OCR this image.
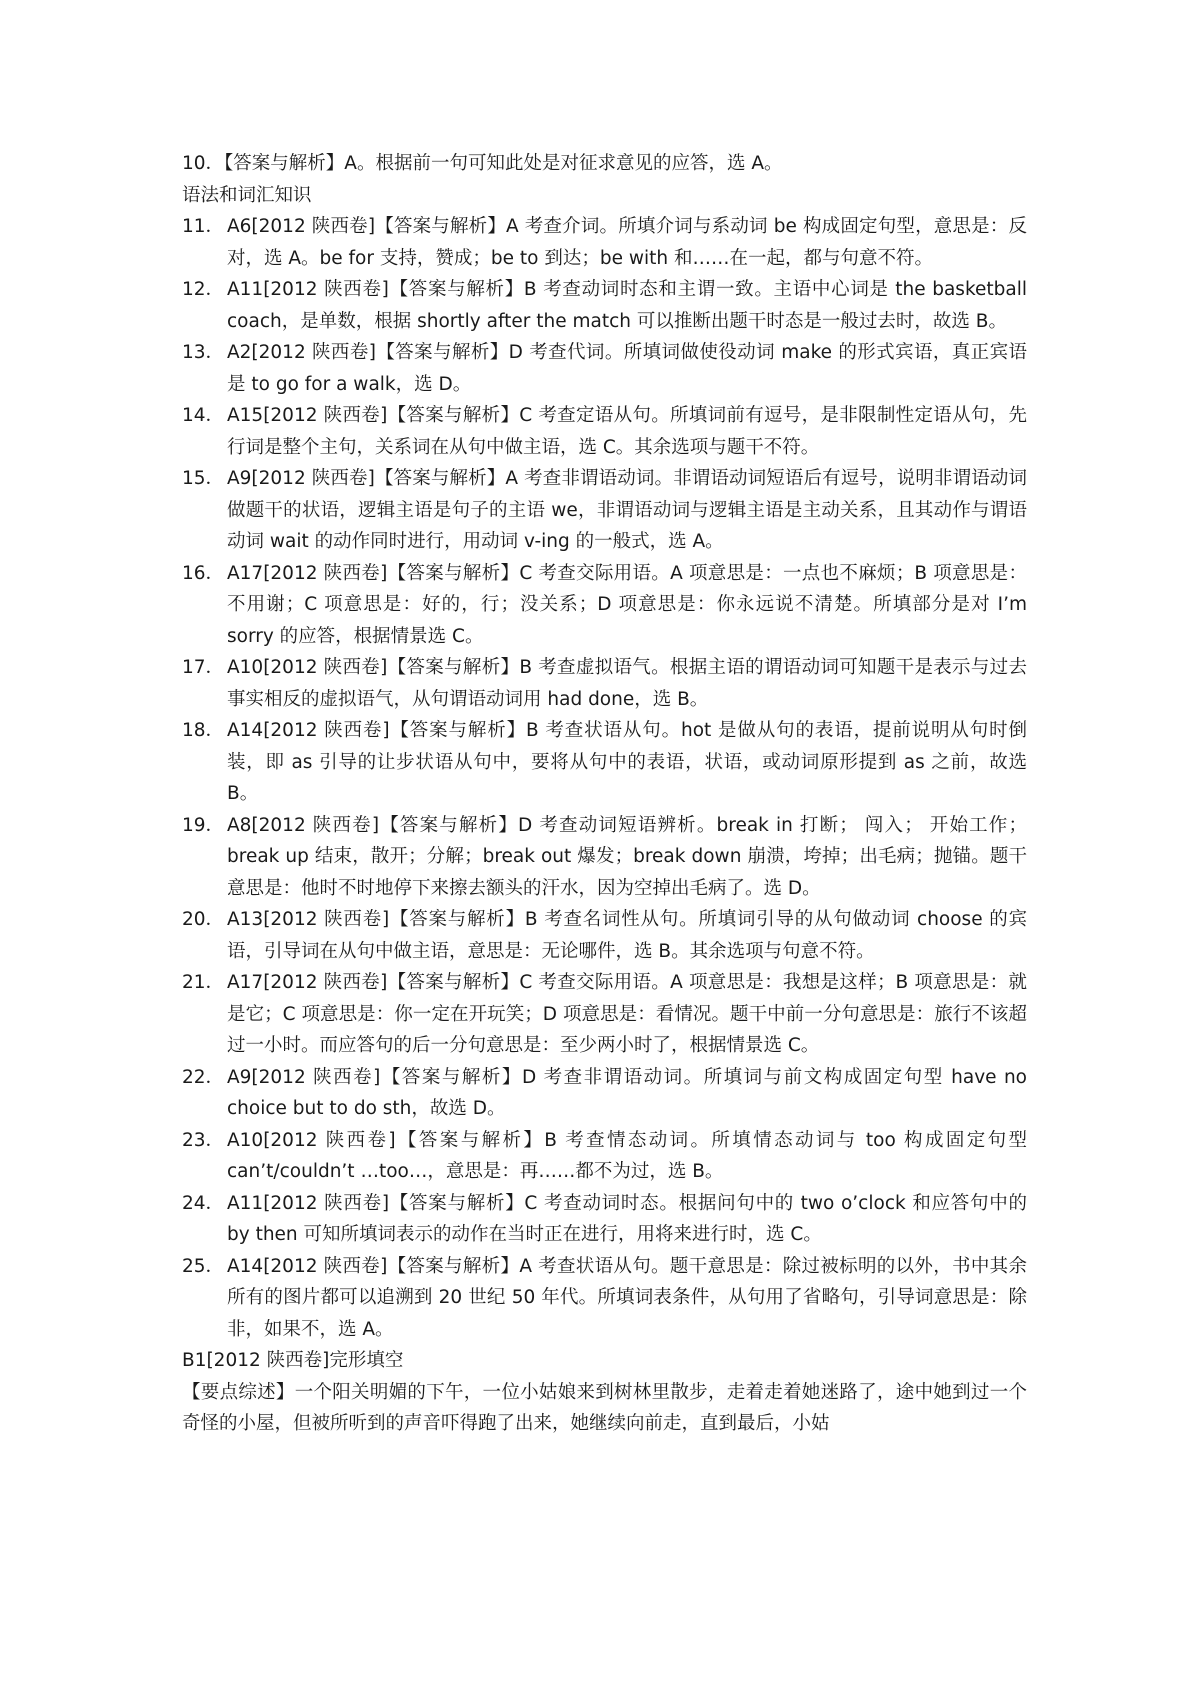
10．【答案与解析】A。根据前一句可知此处是对征求意见的应答，选 A。
语法和词汇知识
11． A6[2012 陕西卷]【答案与解析】A 考查介词。所填介词与系动词 be 构成固定句型，意思是：反对，选 A。be for 支持，赞成；be to 到达；be with 和……在一起，都与句意不符。
12． A11[2012 陕西卷]【答案与解析】B 考查动词时态和主谓一致。主语中心词是 the basketball coach，是单数，根据 shortly after the match 可以推断出题干时态是一般过去时，故选 B。
13． A2[2012 陕西卷]【答案与解析】D 考查代词。所填词做使役动词 make 的形式宾语，真正宾语是 to go for a walk，选 D。
14． A15[2012 陕西卷]【答案与解析】C 考查定语从句。所填词前有逗号，是非限制性定语从句，先行词是整个主句，关系词在从句中做主语，选 C。其余选项与题干不符。
15． A9[2012 陕西卷]【答案与解析】A 考查非谓语动词。非谓语动词短语后有逗号，说明非谓语动词做题干的状语，逻辑主语是句子的主语 we，非谓语动词与逻辑主语是主动关系，且其动作与谓语动词 wait 的动作同时进行，用动词 v-ing 的一般式，选 A。
16． A17[2012 陕西卷]【答案与解析】C 考查交际用语。A 项意思是：一点也不麻烦；B 项意思是：不用谢；C 项意思是：好的，行；没关系；D 项意思是：你永远说不清楚。所填部分是对 I’m sorry 的应答，根据情景选 C。
17． A10[2012 陕西卷]【答案与解析】B 考查虚拟语气。根据主语的谓语动词可知题干是表示与过去事实相反的虚拟语气，从句谓语动词用 had done，选 B。
18． A14[2012 陕西卷]【答案与解析】B 考查状语从句。hot 是做从句的表语，提前说明从句时倒装，即 as 引导的让步状语从句中，要将从句中的表语，状语，或动词原形提到 as 之前，故选 B。
19． A8[2012 陕西卷]【答案与解析】D 考查动词短语辨析。break in 打断； 闯入； 开始工作；break up 结束，散开；分解；break out 爆发；break down 崩溃，垮掉；出毛病；抛锚。题干意思是：他时不时地停下来擦去额头的汗水，因为空掉出毛病了。选 D。
20． A13[2012 陕西卷]【答案与解析】B 考查名词性从句。所填词引导的从句做动词 choose 的宾语，引导词在从句中做主语，意思是：无论哪件，选 B。其余选项与句意不符。
21． A17[2012 陕西卷]【答案与解析】C 考查交际用语。A 项意思是：我想是这样；B 项意思是：就是它；C 项意思是：你一定在开玩笑；D 项意思是：看情况。题干中前一分句意思是：旅行不该超过一小时。而应答句的后一分句意思是：至少两小时了，根据情景选 C。
22． A9[2012 陕西卷]【答案与解析】D 考查非谓语动词。所填词与前文构成固定句型 have no choice but to do sth，故选 D。
23． A10[2012 陕西卷]【答案与解析】B 考查情态动词。所填情态动词与 too 构成固定句型 can’t/couldn’t …too…，意思是：再……都不为过，选 B。
24． A11[2012 陕西卷]【答案与解析】C 考查动词时态。根据问句中的 two o’clock 和应答句中的 by then 可知所填词表示的动作在当时正在进行，用将来进行时，选 C。
25． A14[2012 陕西卷]【答案与解析】A 考查状语从句。题干意思是：除过被标明的以外，书中其余所有的图片都可以追溯到 20 世纪 50 年代。所填词表条件，从句用了省略句，引导词意思是：除非，如果不，选 A。
B1[2012 陕西卷]完形填空
【要点综述】一个阳关明媚的下午，一位小姑娘来到树林里散步，走着走着她迷路了，途中她到过一个奇怪的小屋，但被所听到的声音吓得跑了出来，她继续向前走，直到最后，小姑
